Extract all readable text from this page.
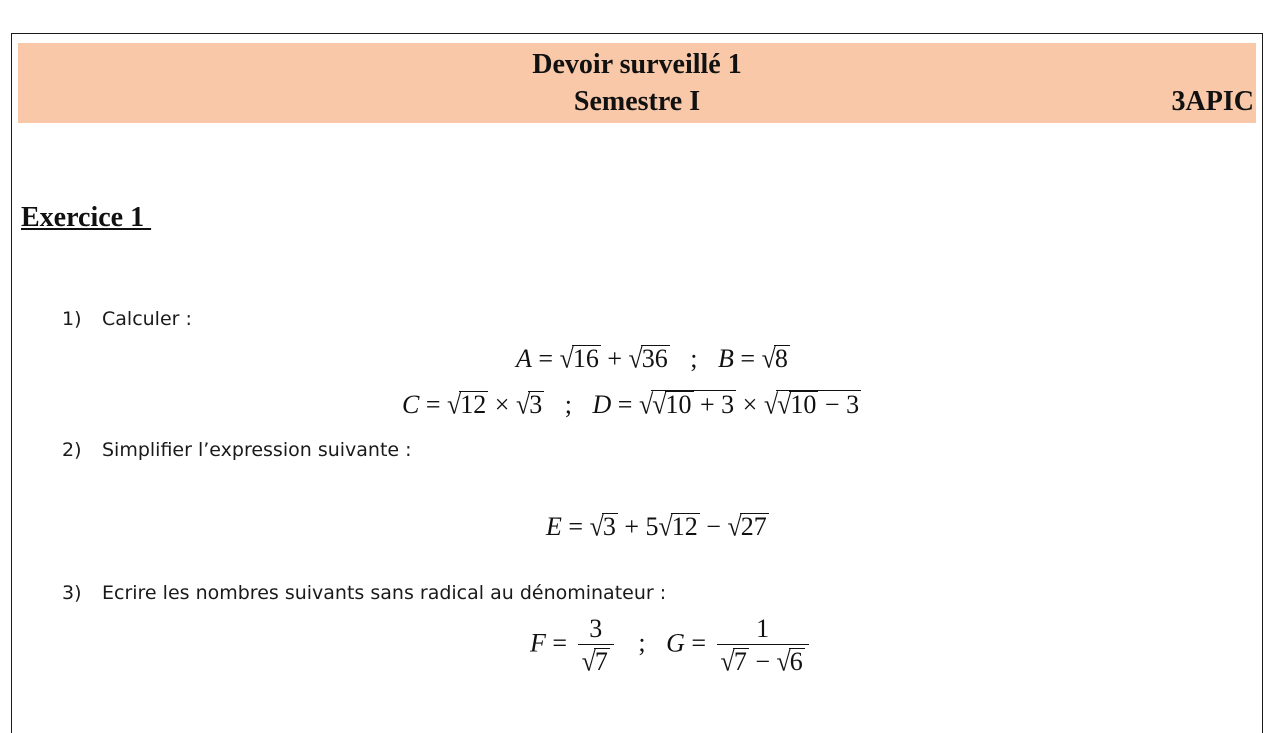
Devoir surveillé 1
Semestre I	3APIC
Exercice 1
1) Calculer :
A = √16 + √36 ; B = √8
C = √12 × √3 ; D = √√10 + 3 × √√10 − 3
2) Simplifier l’expression suivante :
E = √3 + 5√12 − √27
3) Ecrire les nombres suivants sans radical au dénominateur :
$F = \frac{3}{√7}$ ; $G = \frac{1}{√7 - √6}$
